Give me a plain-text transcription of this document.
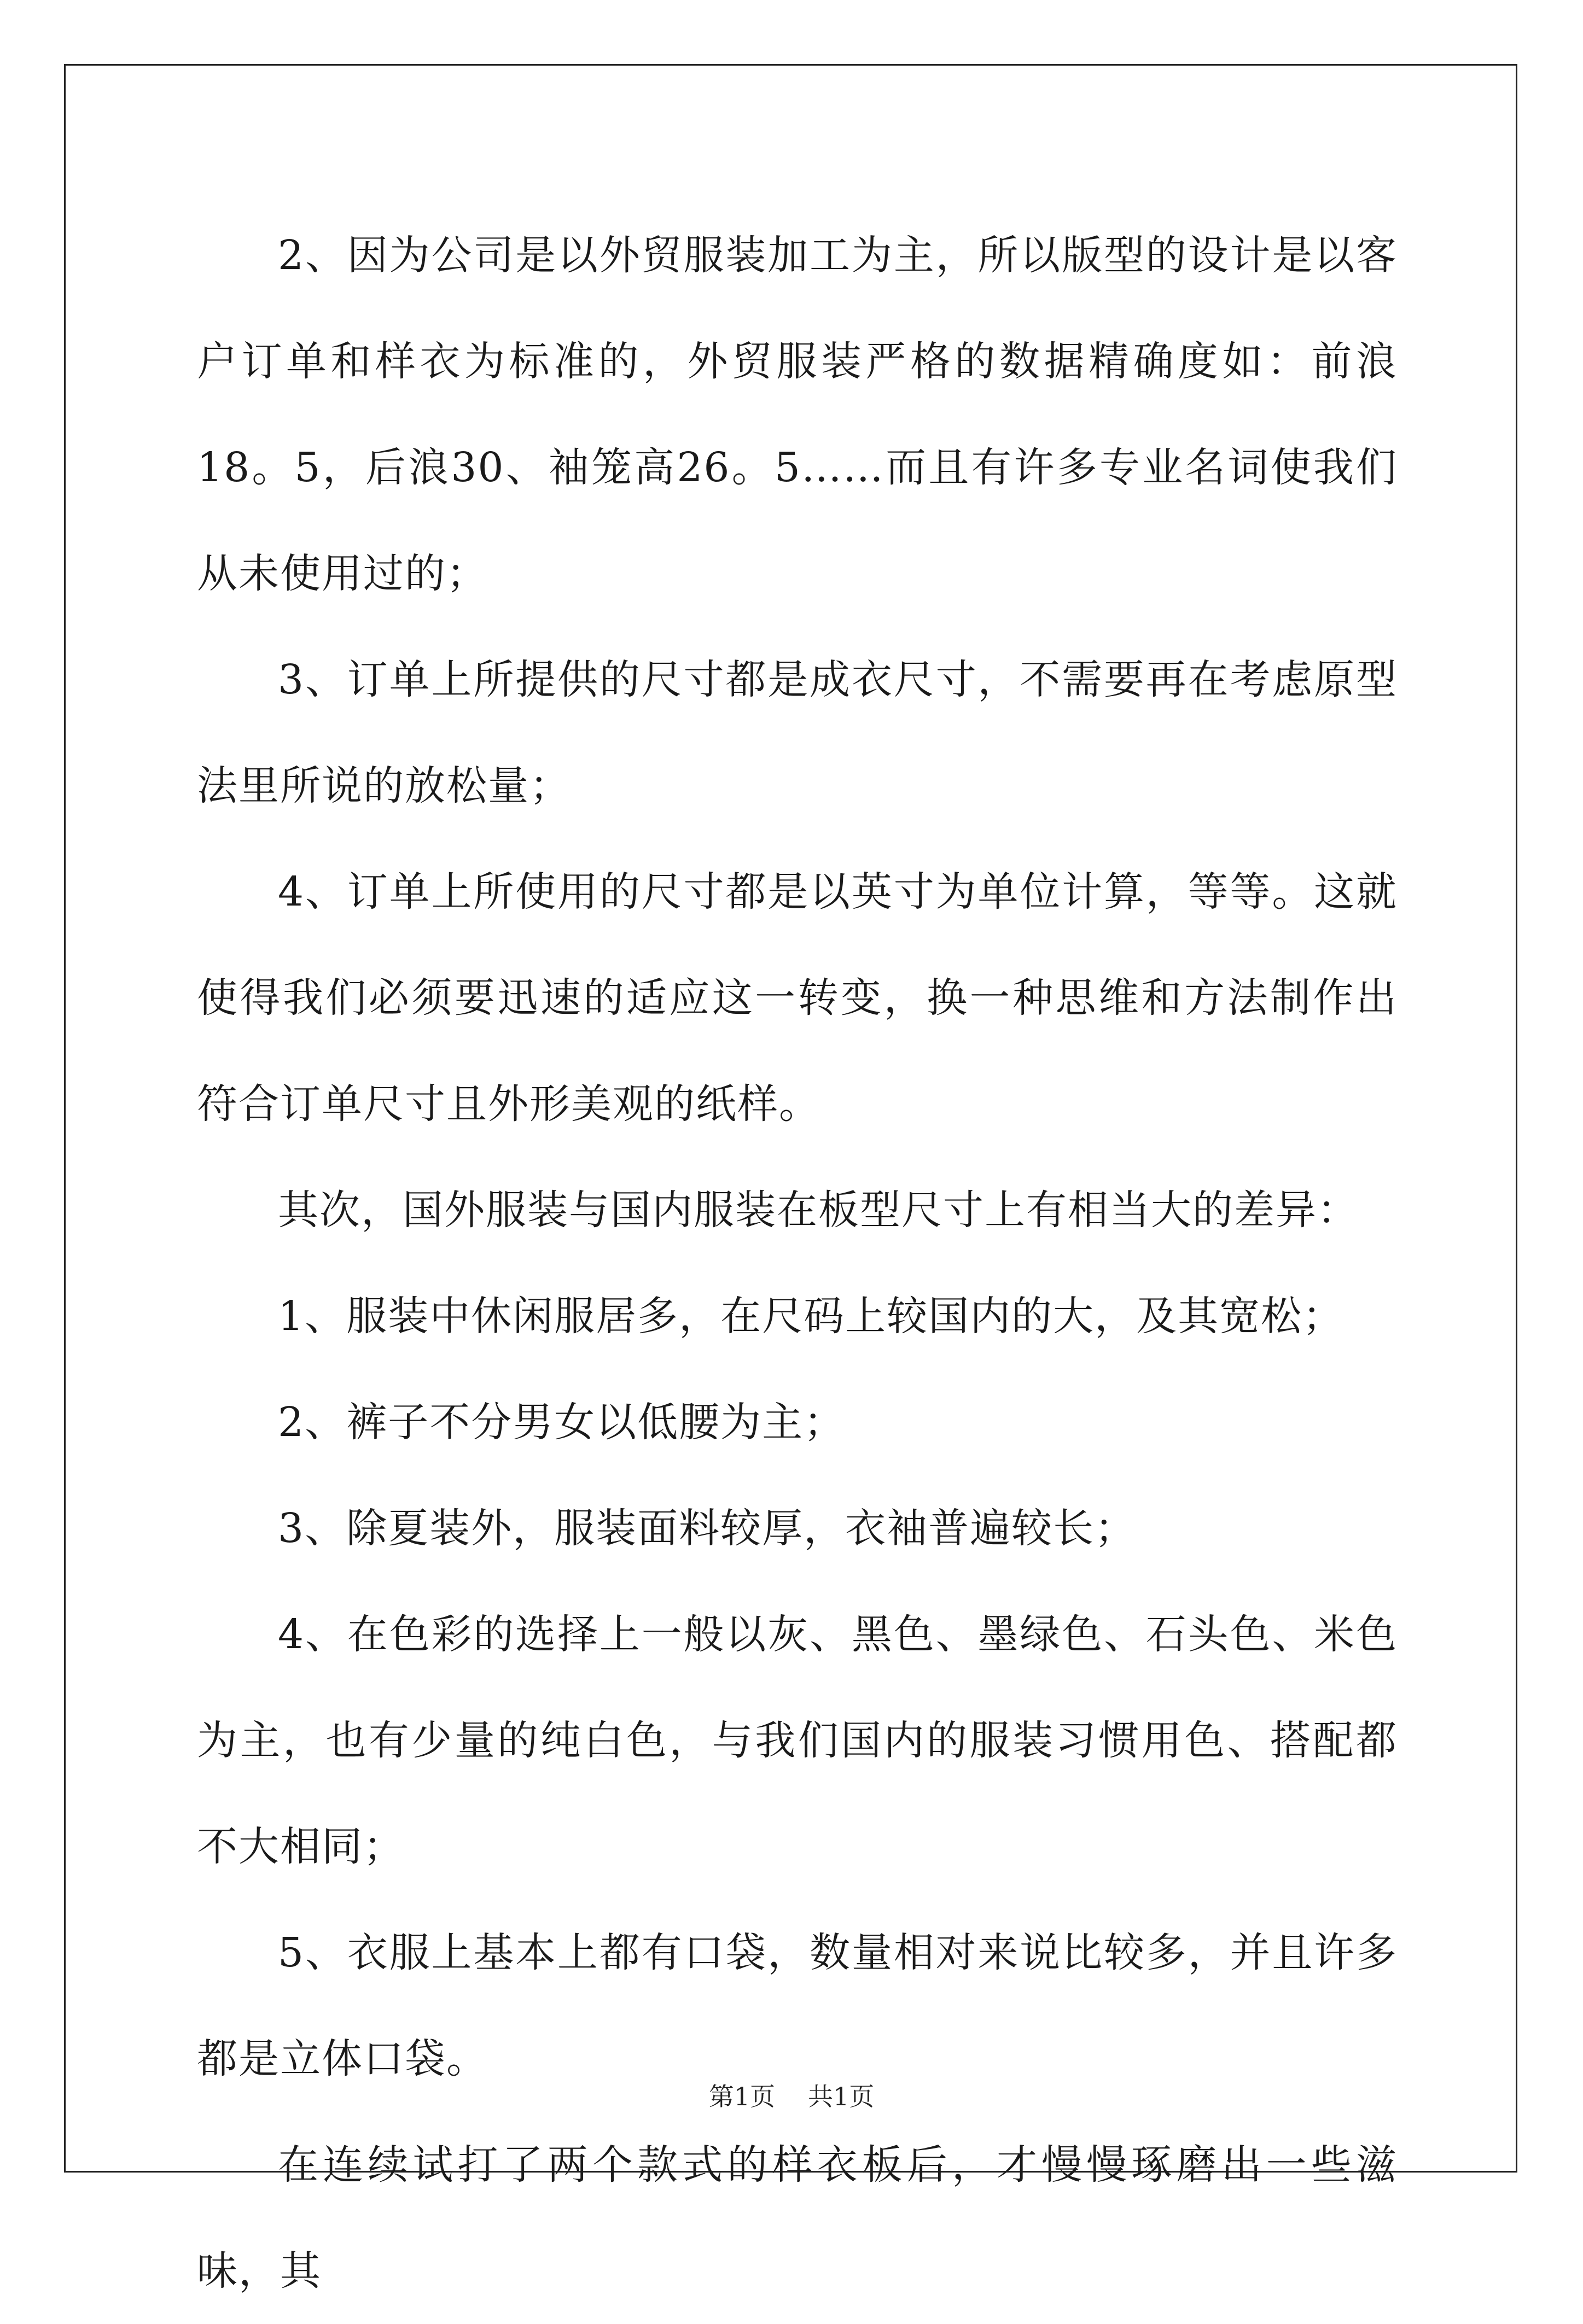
2、因为公司是以外贸服装加工为主，所以版型的设计是以客户订单和样衣为标准的，外贸服装严格的数据精确度如：前浪18。5，后浪30、袖笼高26。5……而且有许多专业名词使我们从未使用过的；

3、订单上所提供的尺寸都是成衣尺寸，不需要再在考虑原型法里所说的放松量；

4、订单上所使用的尺寸都是以英寸为单位计算，等等。这就使得我们必须要迅速的适应这一转变，换一种思维和方法制作出符合订单尺寸且外形美观的纸样。

其次，国外服装与国内服装在板型尺寸上有相当大的差异：

1、服装中休闲服居多，在尺码上较国内的大，及其宽松；

2、裤子不分男女以低腰为主；

3、除夏装外，服装面料较厚，衣袖普遍较长；

4、在色彩的选择上一般以灰、黑色、墨绿色、石头色、米色为主，也有少量的纯白色，与我们国内的服装习惯用色、搭配都不大相同；

5、衣服上基本上都有口袋，数量相对来说比较多，并且许多都是立体口袋。

在连续试打了两个款式的样衣板后，才慢慢琢磨出一些滋味，其

第1页 共1页
